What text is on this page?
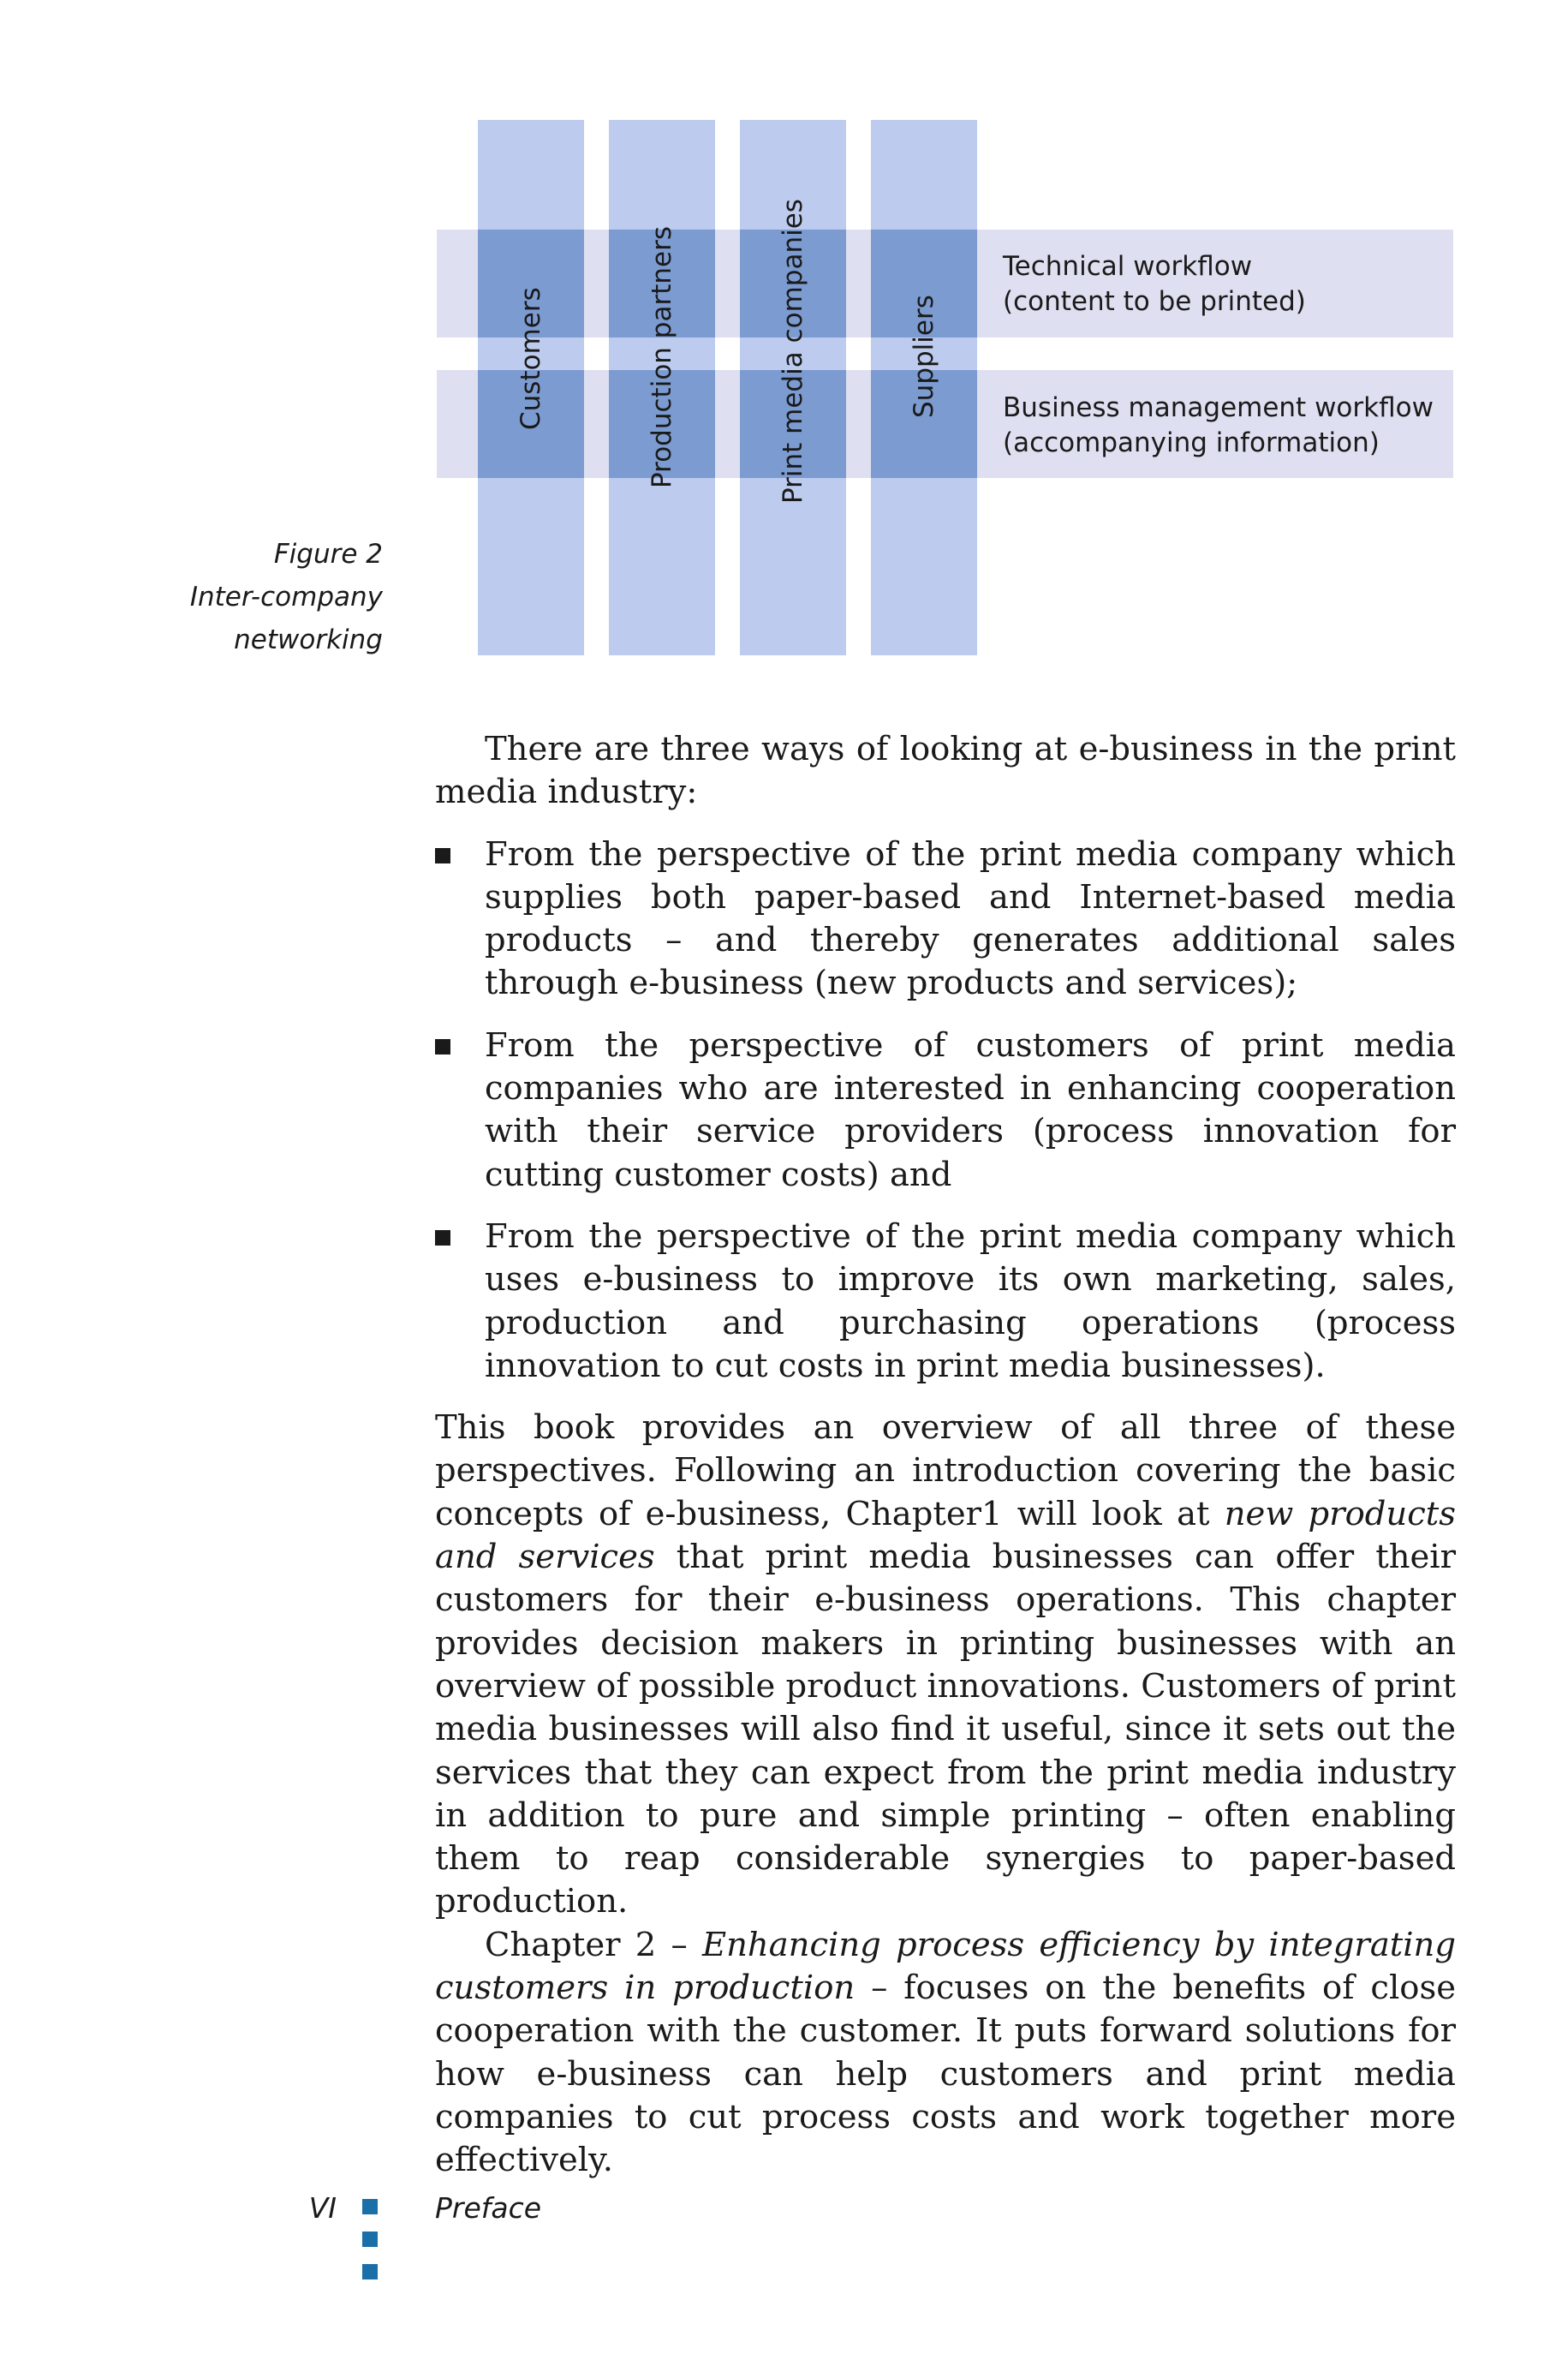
Customers	Production partners	Print media companies	Suppliers
Technical workflow
(content to be printed)
Business management workflow
(accompanying information)
Figure 2
Inter-company
networking

There are three ways of looking at e-business in the print media industry:

From the perspective of the print media company which supplies both paper-based and Internet-based media products – and thereby generates additional sales through e-business (new products and services);
From the perspective of customers of print media companies who are interested in enhancing cooperation with their service providers (process innovation for cutting customer costs) and
From the perspective of the print media company which uses e-business to improve its own marketing, sales, production and purchasing operations (process innovation to cut costs in print media businesses).

This book provides an overview of all three of these perspectives. Following an introduction covering the basic concepts of e-business, Chapter1 will look at new products and services that print media businesses can offer their customers for their e-business operations. This chapter provides decision makers in printing businesses with an overview of possible product innovations. Customers of print media businesses will also find it useful, since it sets out the services that they can expect from the print media industry in addition to pure and simple printing – often enabling them to reap considerable synergies to paper-based production.

Chapter 2 – Enhancing process efficiency by integrating customers in production – focuses on the benefits of close cooperation with the customer. It puts forward solutions for how e-business can help customers and print media companies to cut process costs and work together more effectively.

VI	Preface
